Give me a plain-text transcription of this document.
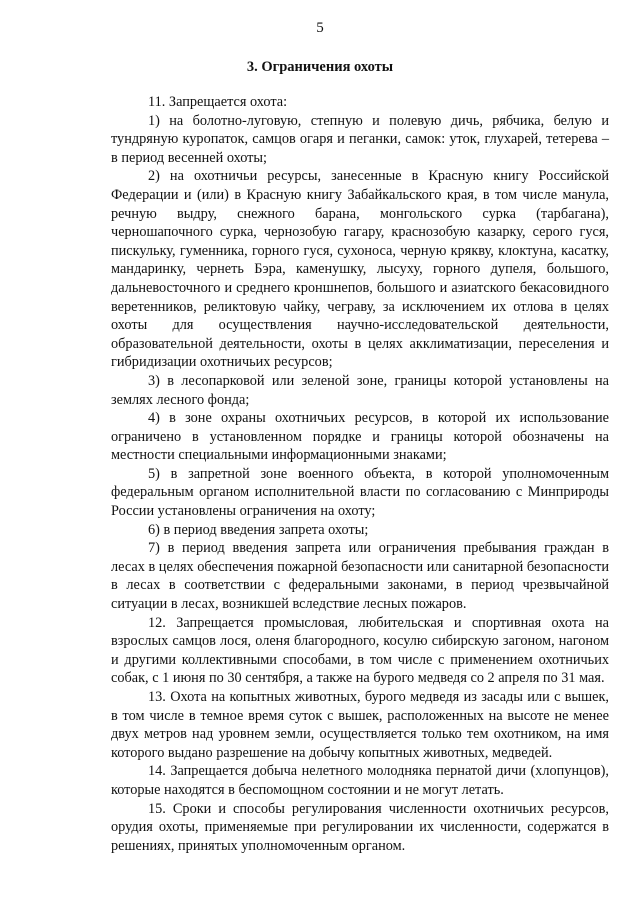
5
3. Ограничения охоты

11. Запрещается охота:

1) на болотно-луговую, степную и полевую дичь, рябчика, белую и тундряную куропаток, самцов огаря и пеганки, самок: уток, глухарей, тетерева – в период весенней охоты;

2) на охотничьи ресурсы, занесенные в Красную книгу Российской Федерации и (или) в Красную книгу Забайкальского края, в том числе манула, речную выдру, снежного барана, монгольского сурка (тарбагана), черношапочного сурка, чернозобую гагару, краснозобую казарку, серого гуся, пискульку, гуменника, горного гуся, сухоноса, черную крякву, клоктуна, касатку, мандаринку, чернеть Бэра, каменушку, лысуху, горного дупеля, большого, дальневосточного и среднего кроншнепов, большого и азиатского бекасовидного веретенников, реликтовую чайку, чеграву, за исключением их отлова в целях охоты для осуществления научно-исследовательской деятельности, образовательной деятельности, охоты в целях акклиматизации, переселения и гибридизации охотничьих ресурсов;

3) в лесопарковой или зеленой зоне, границы которой установлены на землях лесного фонда;

4) в зоне охраны охотничьих ресурсов, в которой их использование ограничено в установленном порядке и границы которой обозначены на местности специальными информационными знаками;

5) в запретной зоне военного объекта, в которой уполномоченным федеральным органом исполнительной власти по согласованию с Минприроды России установлены ограничения на охоту;

6) в период введения запрета охоты;

7) в период введения запрета или ограничения пребывания граждан в лесах в целях обеспечения пожарной безопасности или санитарной безопасности в лесах в соответствии с федеральными законами, в период чрезвычайной ситуации в лесах, возникшей вследствие лесных пожаров.

12. Запрещается промысловая, любительская и спортивная охота на взрослых самцов лося, оленя благородного, косулю сибирскую загоном, нагоном и другими коллективными способами, в том числе с применением охотничьих собак, с 1 июня по 30 сентября, а также на бурого медведя со 2 апреля по 31 мая.

13. Охота на копытных животных, бурого медведя из засады или с вышек, в том числе в темное время суток с вышек, расположенных на высоте не менее двух метров над уровнем земли, осуществляется только тем охотником, на имя которого выдано разрешение на добычу копытных животных, медведей.

14. Запрещается добыча нелетного молодняка пернатой дичи (хлопунцов), которые находятся в беспомощном состоянии и не могут летать.

15. Сроки и способы регулирования численности охотничьих ресурсов, орудия охоты, применяемые при регулировании их численности, содержатся в решениях, принятых уполномоченным органом.
